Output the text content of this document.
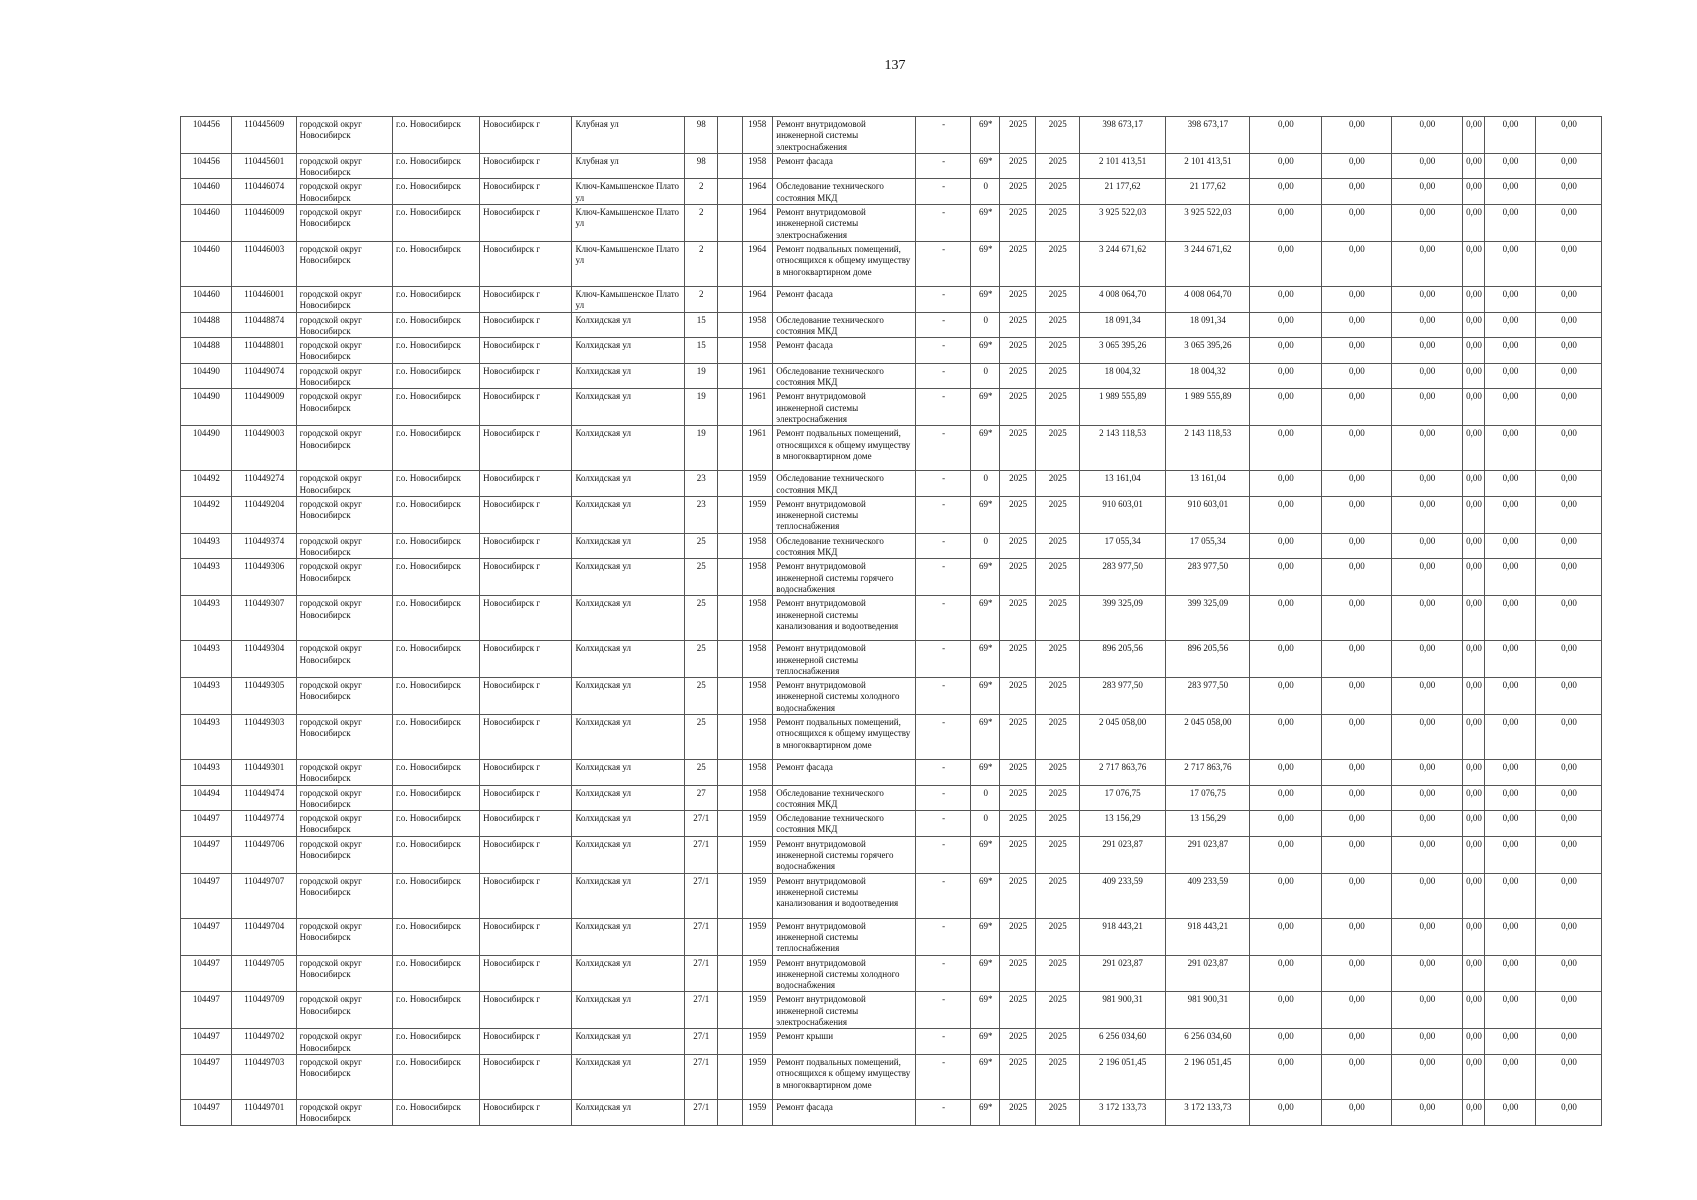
137
104456	110445609	городской округ Новосибирск	г.о. Новосибирск	Новосибирск г	Клубная ул	98		1958	Ремонт внутридомовой инженерной системы электроснабжения	-	69*	2025	2025	398 673,17	398 673,17	0,00	0,00	0,00	0,00	0,00	0,00
104456	110445601	городской округ Новосибирск	г.о. Новосибирск	Новосибирск г	Клубная ул	98		1958	Ремонт фасада	-	69*	2025	2025	2 101 413,51	2 101 413,51	0,00	0,00	0,00	0,00	0,00	0,00
104460	110446074	городской округ Новосибирск	г.о. Новосибирск	Новосибирск г	Ключ-Камышенское Плато ул	2		1964	Обследование технического состояния МКД	-	0	2025	2025	21 177,62	21 177,62	0,00	0,00	0,00	0,00	0,00	0,00
104460	110446009	городской округ Новосибирск	г.о. Новосибирск	Новосибирск г	Ключ-Камышенское Плато ул	2		1964	Ремонт внутридомовой инженерной системы электроснабжения	-	69*	2025	2025	3 925 522,03	3 925 522,03	0,00	0,00	0,00	0,00	0,00	0,00
104460	110446003	городской округ Новосибирск	г.о. Новосибирск	Новосибирск г	Ключ-Камышенское Плато ул	2		1964	Ремонт подвальных помещений, относящихся к общему имуществу в многоквартирном доме	-	69*	2025	2025	3 244 671,62	3 244 671,62	0,00	0,00	0,00	0,00	0,00	0,00
104460	110446001	городской округ Новосибирск	г.о. Новосибирск	Новосибирск г	Ключ-Камышенское Плато ул	2		1964	Ремонт фасада	-	69*	2025	2025	4 008 064,70	4 008 064,70	0,00	0,00	0,00	0,00	0,00	0,00
104488	110448874	городской округ Новосибирск	г.о. Новосибирск	Новосибирск г	Колхидская ул	15		1958	Обследование технического состояния МКД	-	0	2025	2025	18 091,34	18 091,34	0,00	0,00	0,00	0,00	0,00	0,00
104488	110448801	городской округ Новосибирск	г.о. Новосибирск	Новосибирск г	Колхидская ул	15		1958	Ремонт фасада	-	69*	2025	2025	3 065 395,26	3 065 395,26	0,00	0,00	0,00	0,00	0,00	0,00
104490	110449074	городской округ Новосибирск	г.о. Новосибирск	Новосибирск г	Колхидская ул	19		1961	Обследование технического состояния МКД	-	0	2025	2025	18 004,32	18 004,32	0,00	0,00	0,00	0,00	0,00	0,00
104490	110449009	городской округ Новосибирск	г.о. Новосибирск	Новосибирск г	Колхидская ул	19		1961	Ремонт внутридомовой инженерной системы электроснабжения	-	69*	2025	2025	1 989 555,89	1 989 555,89	0,00	0,00	0,00	0,00	0,00	0,00
104490	110449003	городской округ Новосибирск	г.о. Новосибирск	Новосибирск г	Колхидская ул	19		1961	Ремонт подвальных помещений, относящихся к общему имуществу в многоквартирном доме	-	69*	2025	2025	2 143 118,53	2 143 118,53	0,00	0,00	0,00	0,00	0,00	0,00
104492	110449274	городской округ Новосибирск	г.о. Новосибирск	Новосибирск г	Колхидская ул	23		1959	Обследование технического состояния МКД	-	0	2025	2025	13 161,04	13 161,04	0,00	0,00	0,00	0,00	0,00	0,00
104492	110449204	городской округ Новосибирск	г.о. Новосибирск	Новосибирск г	Колхидская ул	23		1959	Ремонт внутридомовой инженерной системы теплоснабжения	-	69*	2025	2025	910 603,01	910 603,01	0,00	0,00	0,00	0,00	0,00	0,00
104493	110449374	городской округ Новосибирск	г.о. Новосибирск	Новосибирск г	Колхидская ул	25		1958	Обследование технического состояния МКД	-	0	2025	2025	17 055,34	17 055,34	0,00	0,00	0,00	0,00	0,00	0,00
104493	110449306	городской округ Новосибирск	г.о. Новосибирск	Новосибирск г	Колхидская ул	25		1958	Ремонт внутридомовой инженерной системы горячего водоснабжения	-	69*	2025	2025	283 977,50	283 977,50	0,00	0,00	0,00	0,00	0,00	0,00
104493	110449307	городской округ Новосибирск	г.о. Новосибирск	Новосибирск г	Колхидская ул	25		1958	Ремонт внутридомовой инженерной системы канализования и водоотведения	-	69*	2025	2025	399 325,09	399 325,09	0,00	0,00	0,00	0,00	0,00	0,00
104493	110449304	городской округ Новосибирск	г.о. Новосибирск	Новосибирск г	Колхидская ул	25		1958	Ремонт внутридомовой инженерной системы теплоснабжения	-	69*	2025	2025	896 205,56	896 205,56	0,00	0,00	0,00	0,00	0,00	0,00
104493	110449305	городской округ Новосибирск	г.о. Новосибирск	Новосибирск г	Колхидская ул	25		1958	Ремонт внутридомовой инженерной системы холодного водоснабжения	-	69*	2025	2025	283 977,50	283 977,50	0,00	0,00	0,00	0,00	0,00	0,00
104493	110449303	городской округ Новосибирск	г.о. Новосибирск	Новосибирск г	Колхидская ул	25		1958	Ремонт подвальных помещений, относящихся к общему имуществу в многоквартирном доме	-	69*	2025	2025	2 045 058,00	2 045 058,00	0,00	0,00	0,00	0,00	0,00	0,00
104493	110449301	городской округ Новосибирск	г.о. Новосибирск	Новосибирск г	Колхидская ул	25		1958	Ремонт фасада	-	69*	2025	2025	2 717 863,76	2 717 863,76	0,00	0,00	0,00	0,00	0,00	0,00
104494	110449474	городской округ Новосибирск	г.о. Новосибирск	Новосибирск г	Колхидская ул	27		1958	Обследование технического состояния МКД	-	0	2025	2025	17 076,75	17 076,75	0,00	0,00	0,00	0,00	0,00	0,00
104497	110449774	городской округ Новосибирск	г.о. Новосибирск	Новосибирск г	Колхидская ул	27/1		1959	Обследование технического состояния МКД	-	0	2025	2025	13 156,29	13 156,29	0,00	0,00	0,00	0,00	0,00	0,00
104497	110449706	городской округ Новосибирск	г.о. Новосибирск	Новосибирск г	Колхидская ул	27/1		1959	Ремонт внутридомовой инженерной системы горячего водоснабжения	-	69*	2025	2025	291 023,87	291 023,87	0,00	0,00	0,00	0,00	0,00	0,00
104497	110449707	городской округ Новосибирск	г.о. Новосибирск	Новосибирск г	Колхидская ул	27/1		1959	Ремонт внутридомовой инженерной системы канализования и водоотведения	-	69*	2025	2025	409 233,59	409 233,59	0,00	0,00	0,00	0,00	0,00	0,00
104497	110449704	городской округ Новосибирск	г.о. Новосибирск	Новосибирск г	Колхидская ул	27/1		1959	Ремонт внутридомовой инженерной системы теплоснабжения	-	69*	2025	2025	918 443,21	918 443,21	0,00	0,00	0,00	0,00	0,00	0,00
104497	110449705	городской округ Новосибирск	г.о. Новосибирск	Новосибирск г	Колхидская ул	27/1		1959	Ремонт внутридомовой инженерной системы холодного водоснабжения	-	69*	2025	2025	291 023,87	291 023,87	0,00	0,00	0,00	0,00	0,00	0,00
104497	110449709	городской округ Новосибирск	г.о. Новосибирск	Новосибирск г	Колхидская ул	27/1		1959	Ремонт внутридомовой инженерной системы электроснабжения	-	69*	2025	2025	981 900,31	981 900,31	0,00	0,00	0,00	0,00	0,00	0,00
104497	110449702	городской округ Новосибирск	г.о. Новосибирск	Новосибирск г	Колхидская ул	27/1		1959	Ремонт крыши	-	69*	2025	2025	6 256 034,60	6 256 034,60	0,00	0,00	0,00	0,00	0,00	0,00
104497	110449703	городской округ Новосибирск	г.о. Новосибирск	Новосибирск г	Колхидская ул	27/1		1959	Ремонт подвальных помещений, относящихся к общему имуществу в многоквартирном доме	-	69*	2025	2025	2 196 051,45	2 196 051,45	0,00	0,00	0,00	0,00	0,00	0,00
104497	110449701	городской округ Новосибирск	г.о. Новосибирск	Новосибирск г	Колхидская ул	27/1		1959	Ремонт фасада	-	69*	2025	2025	3 172 133,73	3 172 133,73	0,00	0,00	0,00	0,00	0,00	0,00
